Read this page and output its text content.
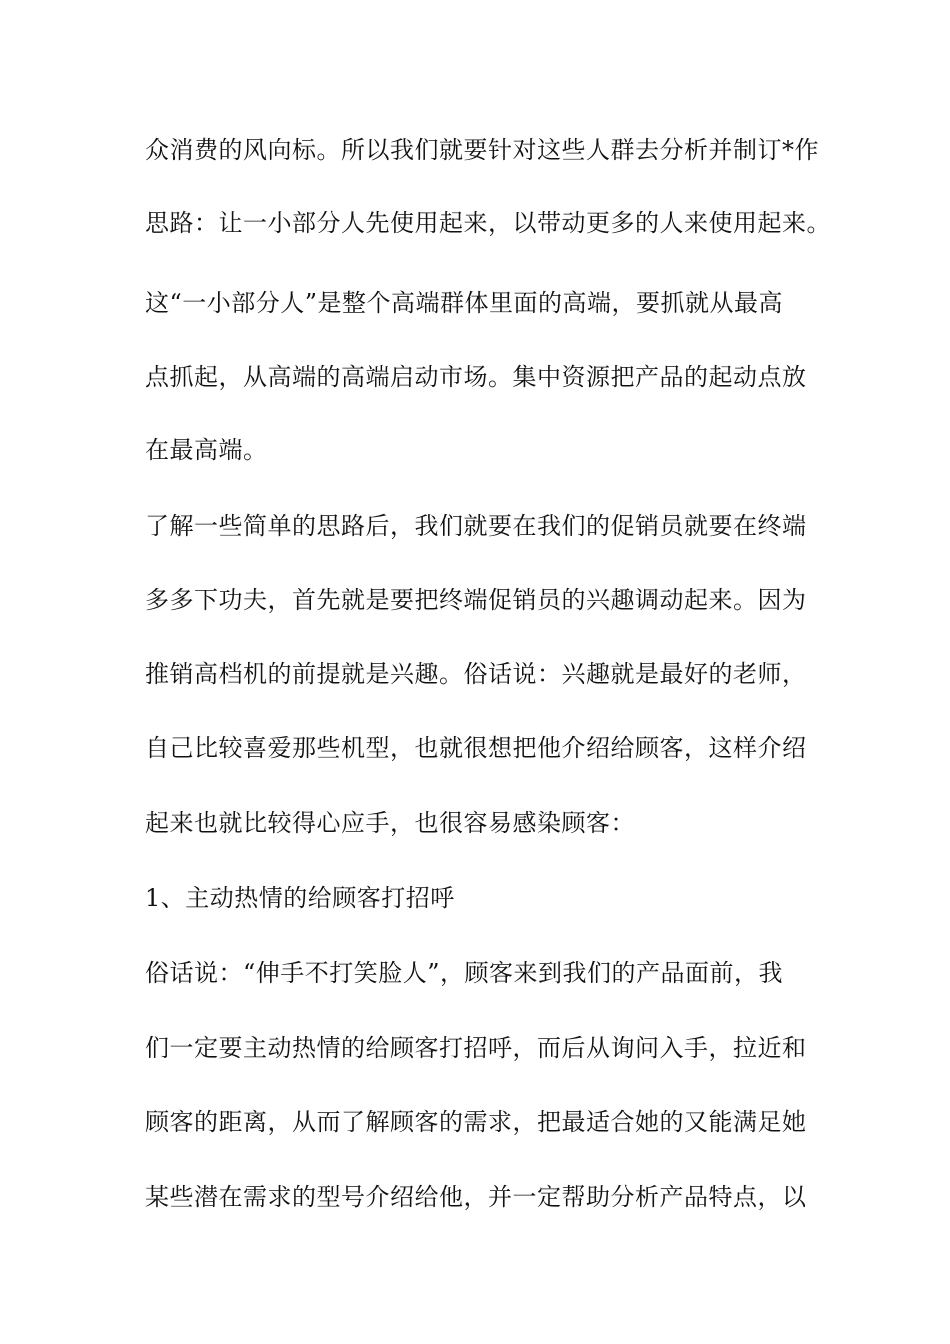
众消费的风向标。所以我们就要针对这些人群去分析并制订*作
思路：让一小部分人先使用起来，以带动更多的人来使用起来。
这“一小部分人”是整个高端群体里面的高端，要抓就从最高
点抓起，从高端的高端启动市场。集中资源把产品的起动点放
在最高端。
了解一些简单的思路后，我们就要在我们的促销员就要在终端
多多下功夫，首先就是要把终端促销员的兴趣调动起来。因为
推销高档机的前提就是兴趣。俗话说：兴趣就是最好的老师，
自己比较喜爱那些机型，也就很想把他介绍给顾客，这样介绍
起来也就比较得心应手，也很容易感染顾客：
1、主动热情的给顾客打招呼
俗话说：“伸手不打笑脸人”，顾客来到我们的产品面前，我
们一定要主动热情的给顾客打招呼，而后从询问入手，拉近和
顾客的距离，从而了解顾客的需求，把最适合她的又能满足她
某些潜在需求的型号介绍给他，并一定帮助分析产品特点，以
